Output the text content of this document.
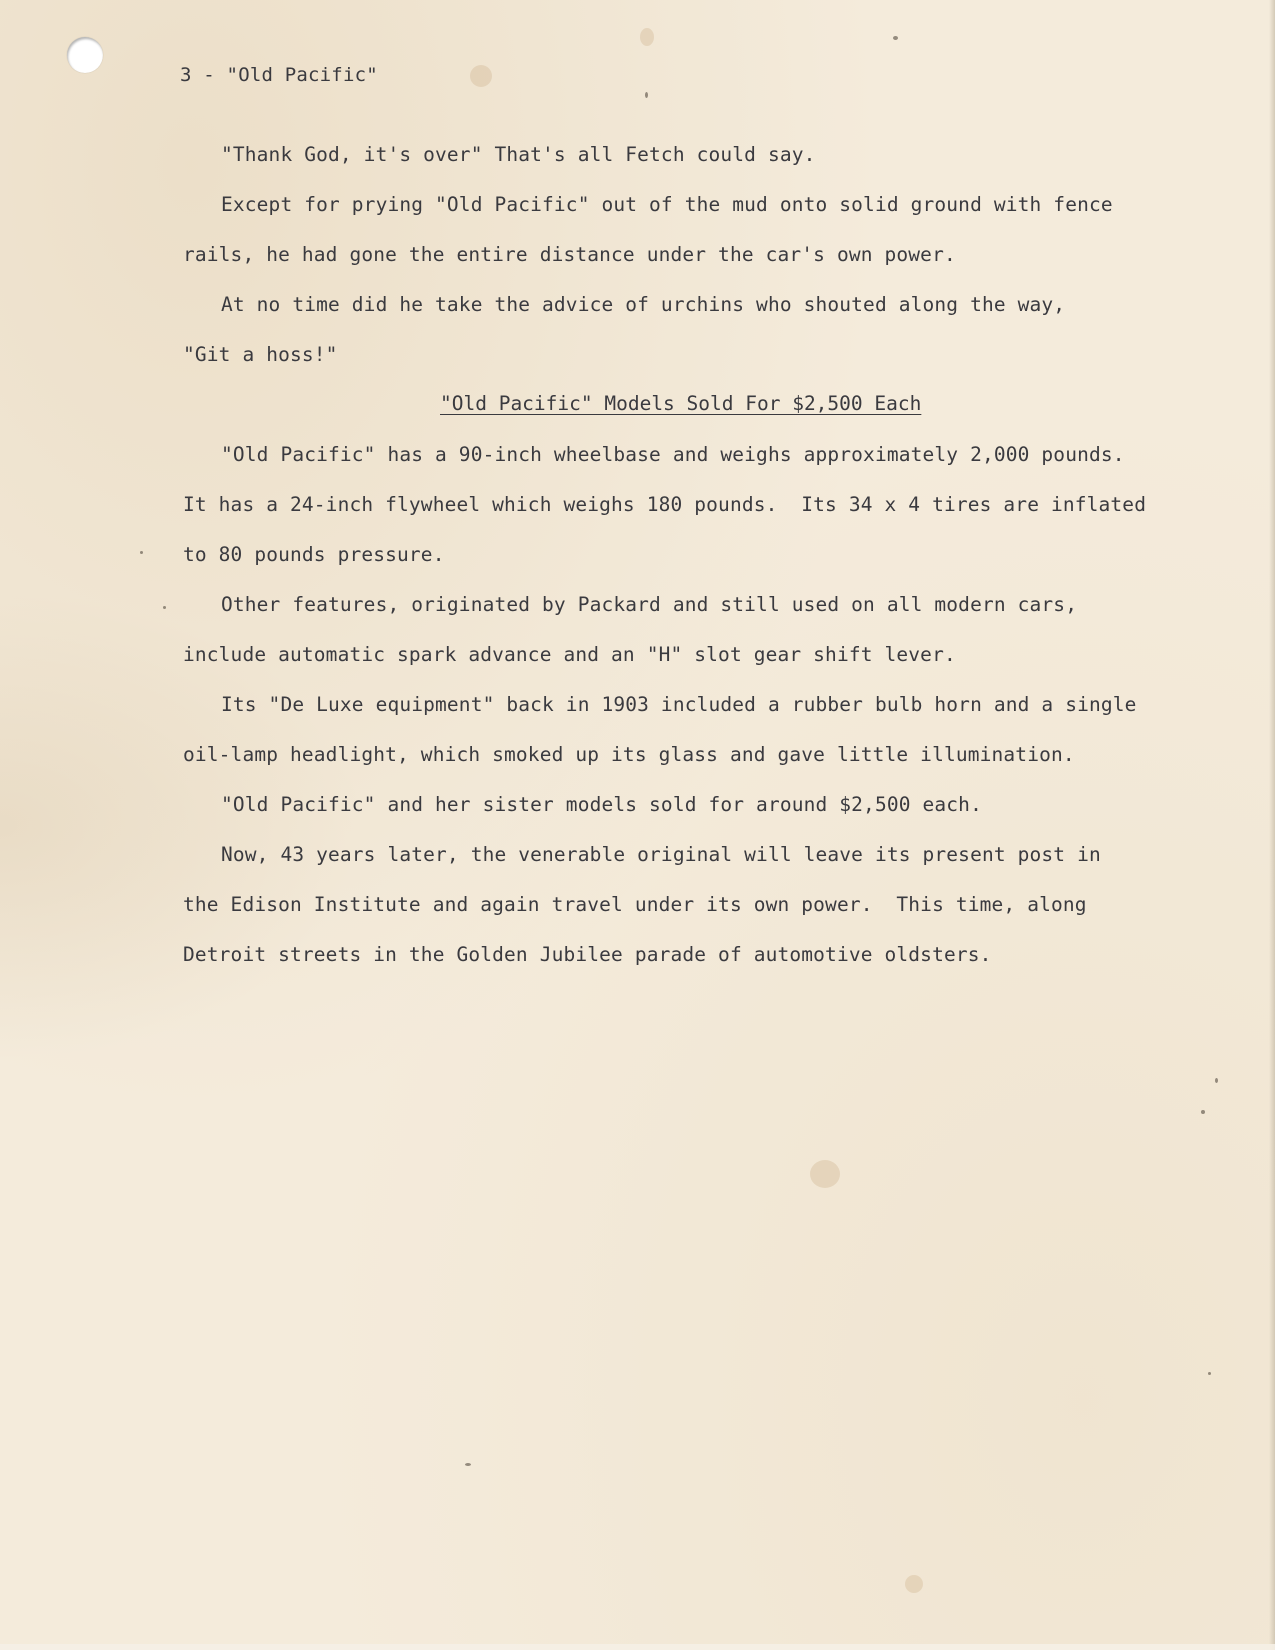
3 - "Old Pacific"
"Thank God, it's over" That's all Fetch could say.
Except for prying "Old Pacific" out of the mud onto solid ground with fence
rails, he had gone the entire distance under the car's own power.
At no time did he take the advice of urchins who shouted along the way,
"Git a hoss!"
"Old Pacific" Models Sold For $2,500 Each
"Old Pacific" has a 90-inch wheelbase and weighs approximately 2,000 pounds.
It has a 24-inch flywheel which weighs 180 pounds.  Its 34 x 4 tires are inflated
to 80 pounds pressure.
Other features, originated by Packard and still used on all modern cars,
include automatic spark advance and an "H" slot gear shift lever.
Its "De Luxe equipment" back in 1903 included a rubber bulb horn and a single
oil-lamp headlight, which smoked up its glass and gave little illumination.
"Old Pacific" and her sister models sold for around $2,500 each.
Now, 43 years later, the venerable original will leave its present post in
the Edison Institute and again travel under its own power.  This time, along
Detroit streets in the Golden Jubilee parade of automotive oldsters.
